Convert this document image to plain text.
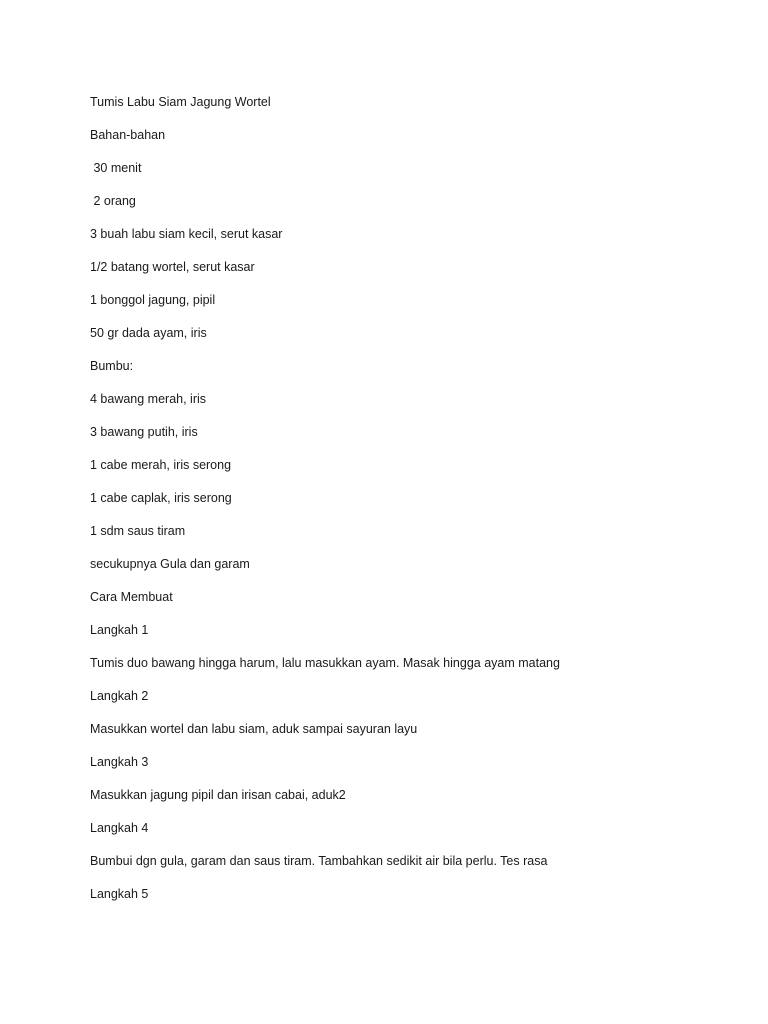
Tumis Labu Siam Jagung Wortel
Bahan-bahan
30 menit
2 orang
3 buah labu siam kecil, serut kasar
1/2 batang wortel, serut kasar
1 bonggol jagung, pipil
50 gr dada ayam, iris
Bumbu:
4 bawang merah, iris
3 bawang putih, iris
1 cabe merah, iris serong
1 cabe caplak, iris serong
1 sdm saus tiram
secukupnya Gula dan garam
Cara Membuat
Langkah 1
Tumis duo bawang hingga harum, lalu masukkan ayam. Masak hingga ayam matang
Langkah 2
Masukkan wortel dan labu siam, aduk sampai sayuran layu
Langkah 3
Masukkan jagung pipil dan irisan cabai, aduk2
Langkah 4
Bumbui dgn gula, garam dan saus tiram. Tambahkan sedikit air bila perlu. Tes rasa
Langkah 5
